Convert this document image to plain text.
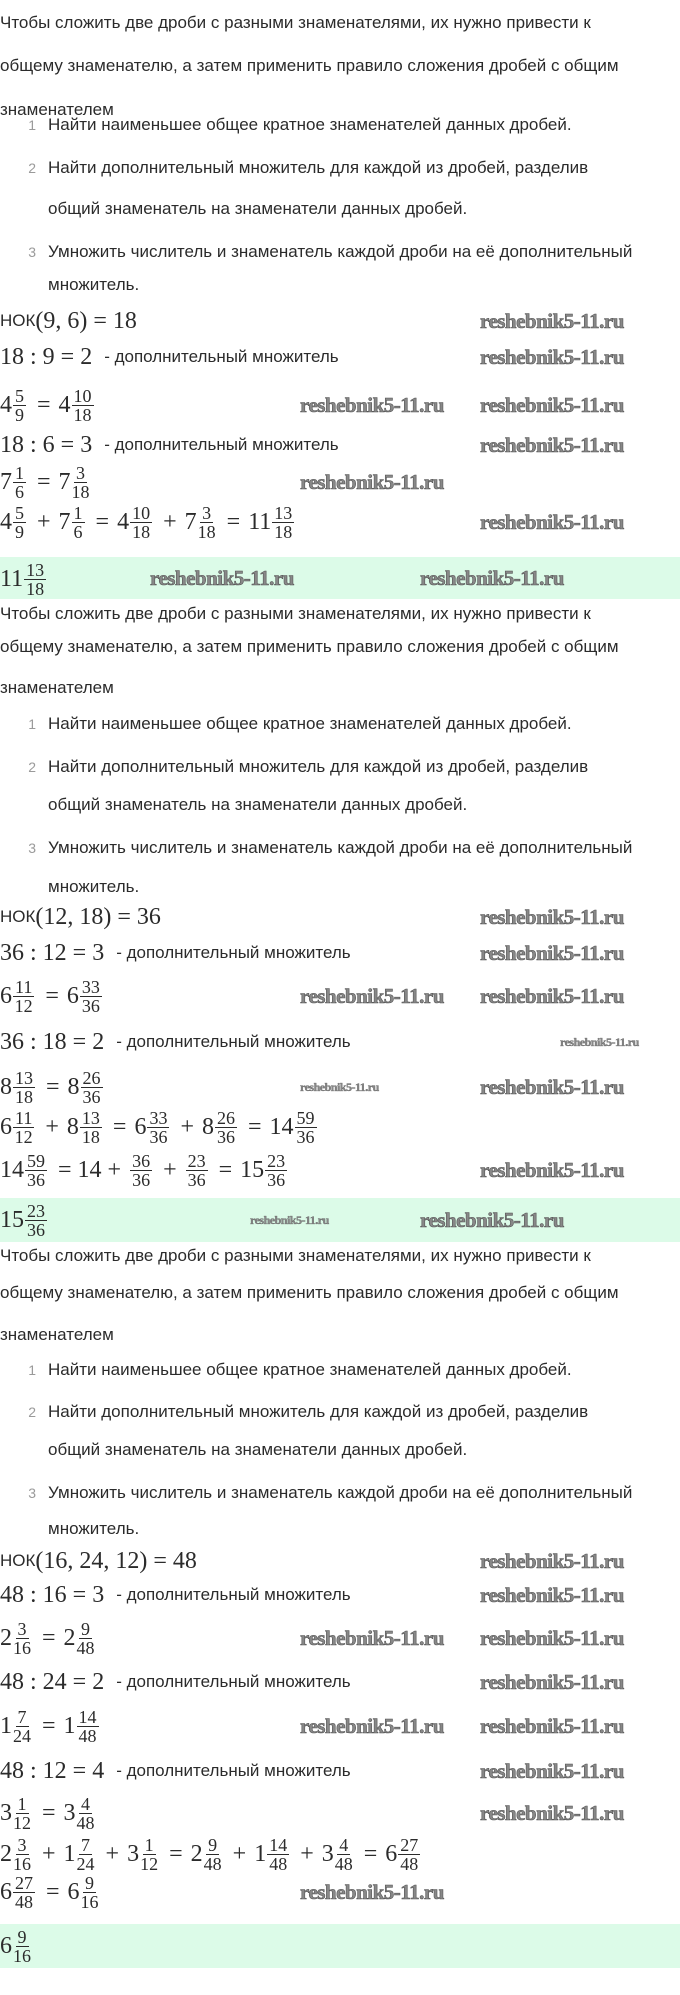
Чтобы сложить две дроби с разными знаменателями, их нужно привести к
общему знаменателю, а затем применить правило сложения дробей с общим
знаменателем
1 Найти наименьшее общее кратное знаменателей данных дробей.
2 Найти дополнительный множитель для каждой из дробей, разделив
общий знаменатель на знаменатели данных дробей.
3 Умножить числитель и знаменатель каждой дроби на её дополнительный
множитель.
НОК (9, 6) = 18
18 : 9 = 2 - дополнительный множитель
$4 \frac{5}{9} = 4 \frac{10}{18}$
18 : 6 = 3 - дополнительный множитель
$7 \frac{1}{6} = 7 \frac{3}{18}$
$4 \frac{5}{9} + 7 \frac{1}{6} = 4 \frac{10}{18} + 7 \frac{3}{18} = 11 \frac{13}{18}$
$11 \frac{13}{18}$
reshebnik5-11.ru
reshebnik5-11.ru
reshebnik5-11.ru reshebnik5-11.ru
reshebnik5-11.ru
reshebnik5-11.ru
reshebnik5-11.ru
reshebnik5-11.ru	reshebnik5-11.ru
Чтобы сложить две дроби с разными знаменателями, их нужно привести к
общему знаменателю, а затем применить правило сложения дробей с общим
знаменателем
1 Найти наименьшее общее кратное знаменателей данных дробей.
2 Найти дополнительный множитель для каждой из дробей, разделив
общий знаменатель на знаменатели данных дробей.
3 Умножить числитель и знаменатель каждой дроби на её дополнительный
множитель.
НОК (12, 18) = 36
36 : 12 = 3 - дополнительный множитель
$6 \frac{11}{12} = 6 \frac{33}{36}$
36 : 18 = 2 - дополнительный множитель
$8 \frac{13}{18} = 8 \frac{26}{36}$
$6 \frac{11}{12} + 8 \frac{13}{18} = 6 \frac{33}{36} + 8 \frac{26}{36} = 14 \frac{59}{36}$
$14 \frac{59}{36} = 14 + \frac{36}{36} + \frac{23}{36} = 15 \frac{23}{36}$
$15 \frac{23}{36}$
reshebnik5-11.ru
reshebnik5-11.ru
reshebnik5-11.ru reshebnik5-11.ru
reshebnik5-11.ru
reshebnik5-11.ru
reshebnik5-11.ru
reshebnik5-11.ru
reshebnik5-11.ru
reshebnik5-11.ru
Чтобы сложить две дроби с разными знаменателями, их нужно привести к
общему знаменателю, а затем применить правило сложения дробей с общим
знаменателем
1 Найти наименьшее общее кратное знаменателей данных дробей.
2 Найти дополнительный множитель для каждой из дробей, разделив
общий знаменатель на знаменатели данных дробей.
3 Умножить числитель и знаменатель каждой дроби на её дополнительный
множитель.
НОК (16, 24, 12) = 48
48 : 16 = 3 - дополнительный множитель
$2 \frac{3}{16} = 2 \frac{9}{48}$
48 : 24 = 2 - дополнительный множитель
$1 \frac{7}{24} = 1 \frac{14}{48}$
48 : 12 = 4 - дополнительный множитель
$3 \frac{1}{12} = 3 \frac{4}{48}$
$2 \frac{3}{16} + 1 \frac{7}{24} + 3 \frac{1}{12} = 2 \frac{9}{48} + 1 \frac{14}{48} + 3 \frac{4}{48} = 6 \frac{27}{48}$
$6 \frac{27}{48} = 6 \frac{9}{16}$
$6 \frac{9}{16}$
reshebnik5-11.ru
reshebnik5-11.ru
reshebnik5-11.ru reshebnik5-11.ru
reshebnik5-11.ru
reshebnik5-11.ru reshebnik5-11.ru
reshebnik5-11.ru
reshebnik5-11.ru
reshebnik5-11.ru
